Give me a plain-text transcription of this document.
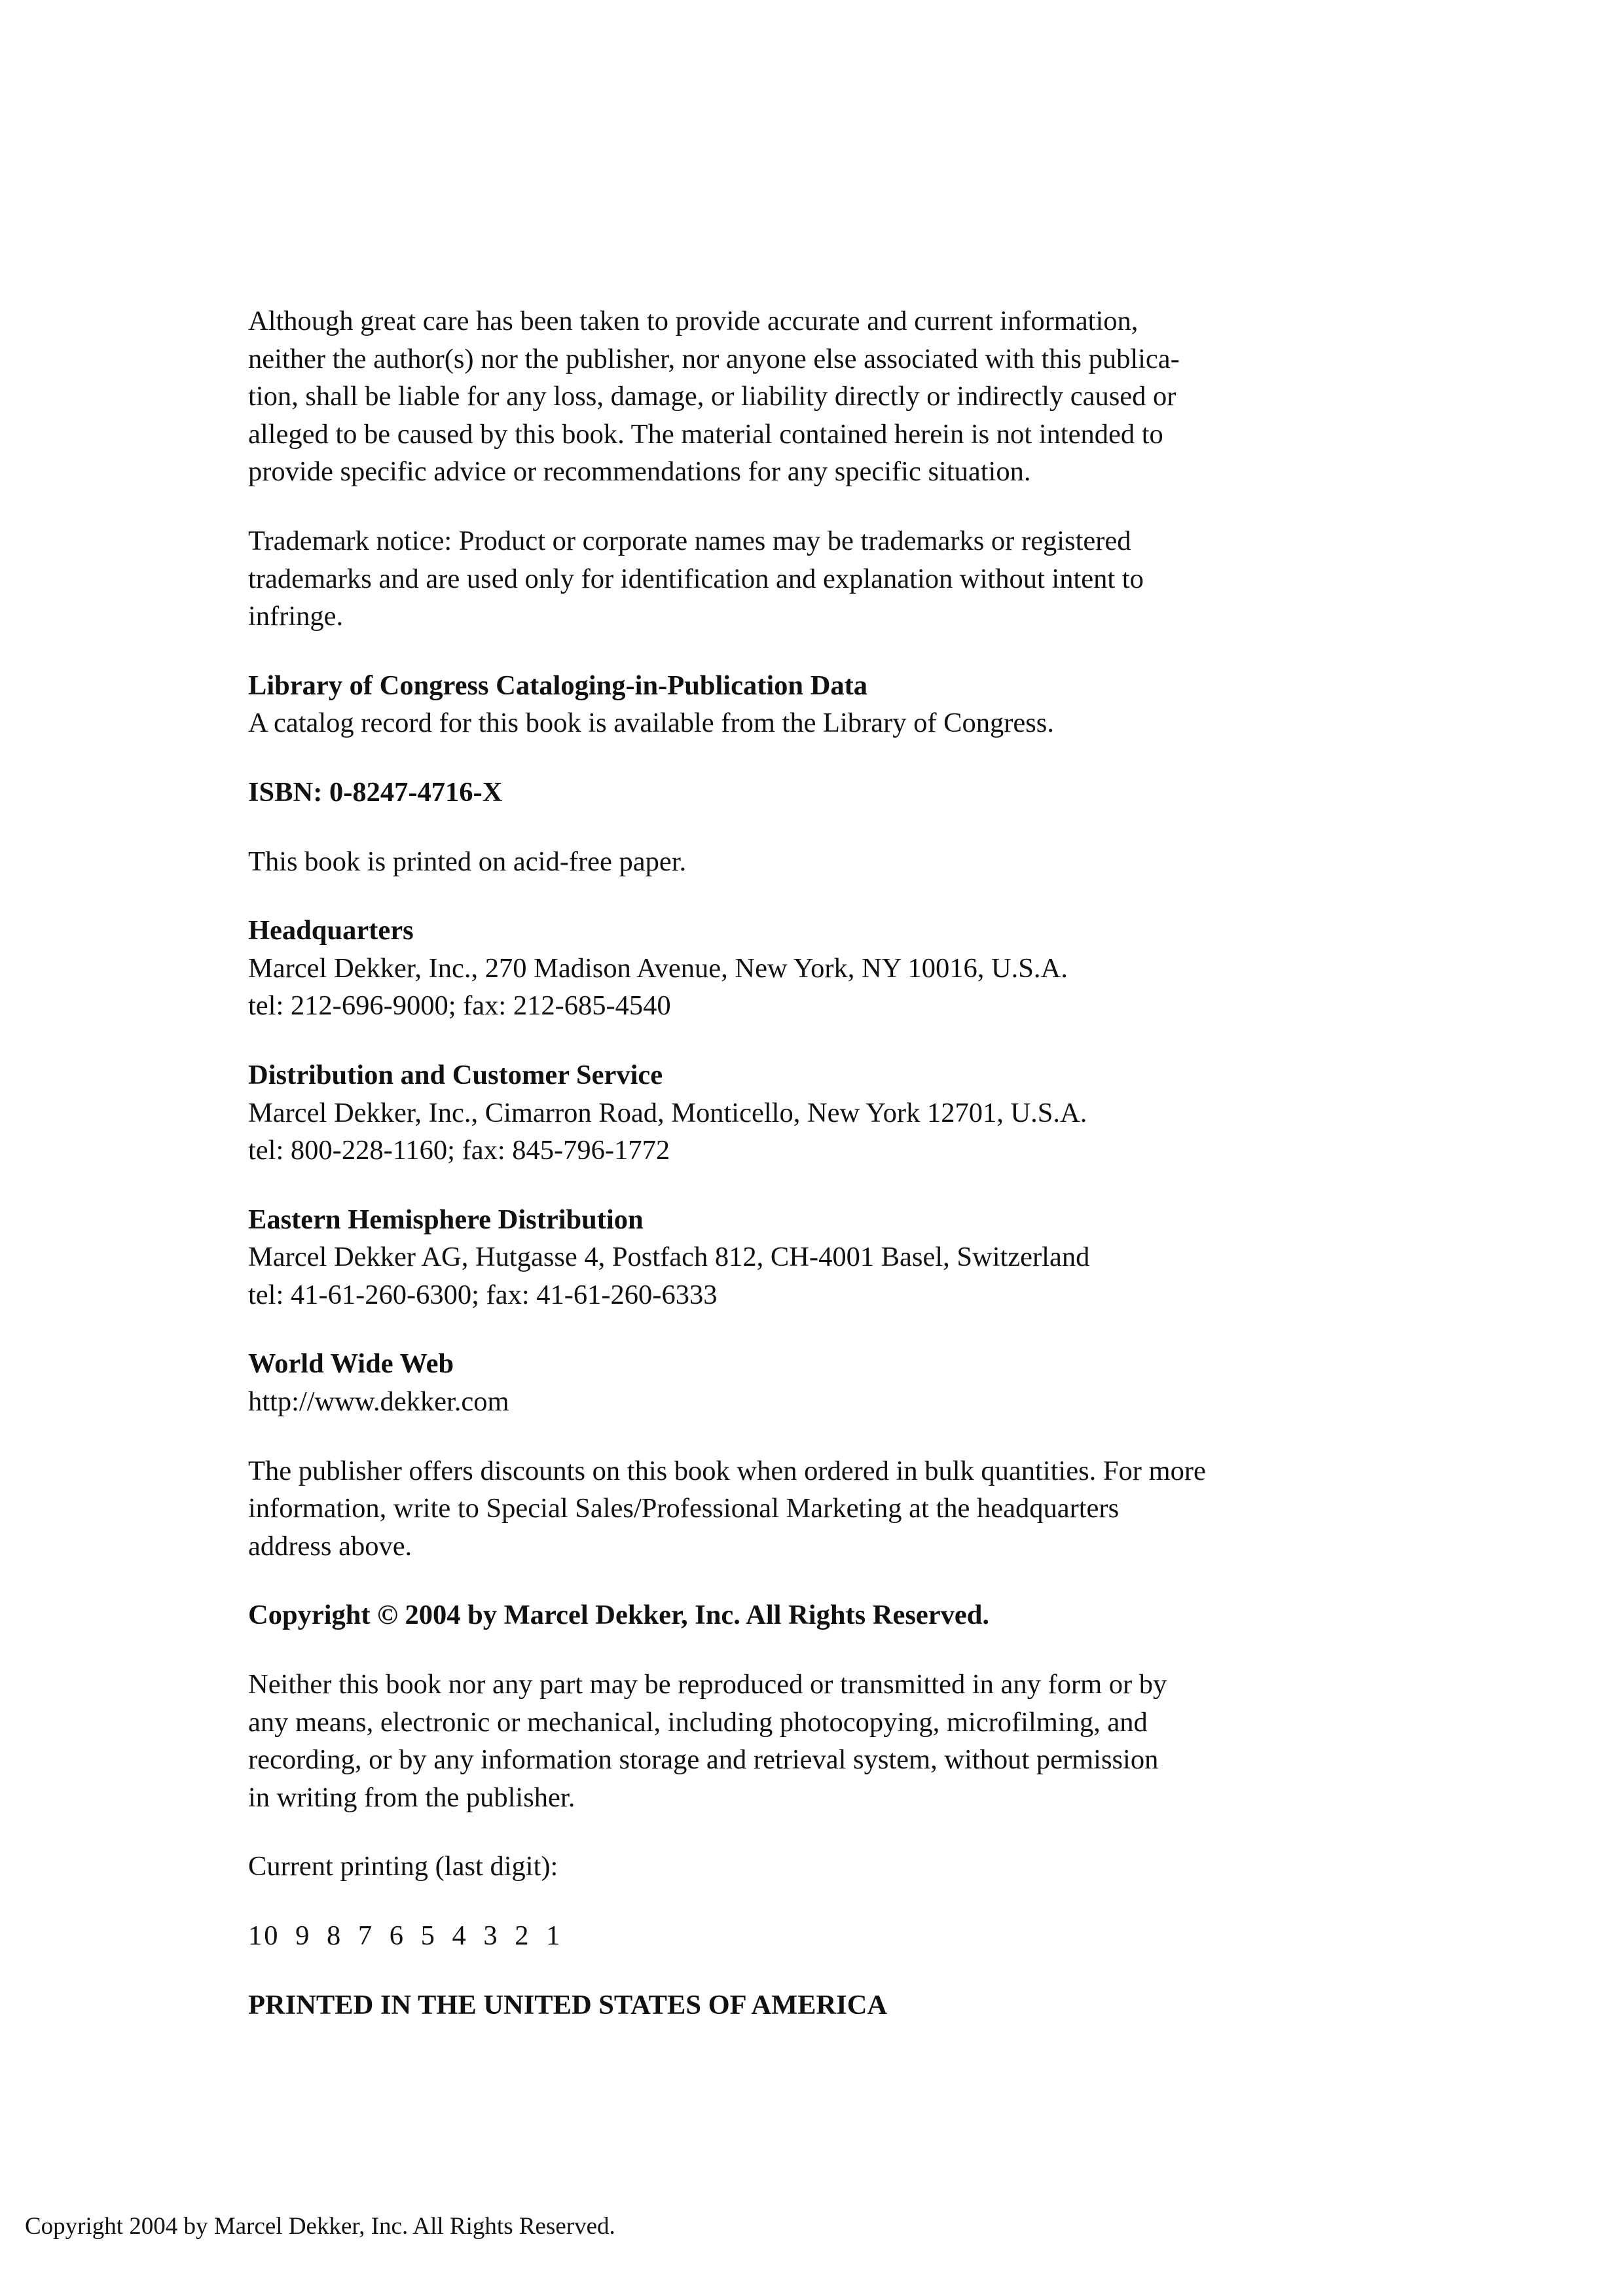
Although great care has been taken to provide accurate and current information,
neither the author(s) nor the publisher, nor anyone else associated with this publica-
tion, shall be liable for any loss, damage, or liability directly or indirectly caused or
alleged to be caused by this book. The material contained herein is not intended to
provide specific advice or recommendations for any specific situation.

Trademark notice: Product or corporate names may be trademarks or registered
trademarks and are used only for identification and explanation without intent to
infringe.

Library of Congress Cataloging-in-Publication Data
A catalog record for this book is available from the Library of Congress.

ISBN: 0-8247-4716-X

This book is printed on acid-free paper.

Headquarters
Marcel Dekker, Inc., 270 Madison Avenue, New York, NY 10016, U.S.A.
tel: 212-696-9000; fax: 212-685-4540

Distribution and Customer Service
Marcel Dekker, Inc., Cimarron Road, Monticello, New York 12701, U.S.A.
tel: 800-228-1160; fax: 845-796-1772

Eastern Hemisphere Distribution
Marcel Dekker AG, Hutgasse 4, Postfach 812, CH-4001 Basel, Switzerland
tel: 41-61-260-6300; fax: 41-61-260-6333

World Wide Web
http://www.dekker.com

The publisher offers discounts on this book when ordered in bulk quantities. For more
information, write to Special Sales/Professional Marketing at the headquarters
address above.

Copyright © 2004 by Marcel Dekker, Inc. All Rights Reserved.

Neither this book nor any part may be reproduced or transmitted in any form or by
any means, electronic or mechanical, including photocopying, microfilming, and
recording, or by any information storage and retrieval system, without permission
in writing from the publisher.

Current printing (last digit):

10 9 8 7 6 5 4 3 2 1

PRINTED IN THE UNITED STATES OF AMERICA

Copyright 2004 by Marcel Dekker, Inc. All Rights Reserved.
